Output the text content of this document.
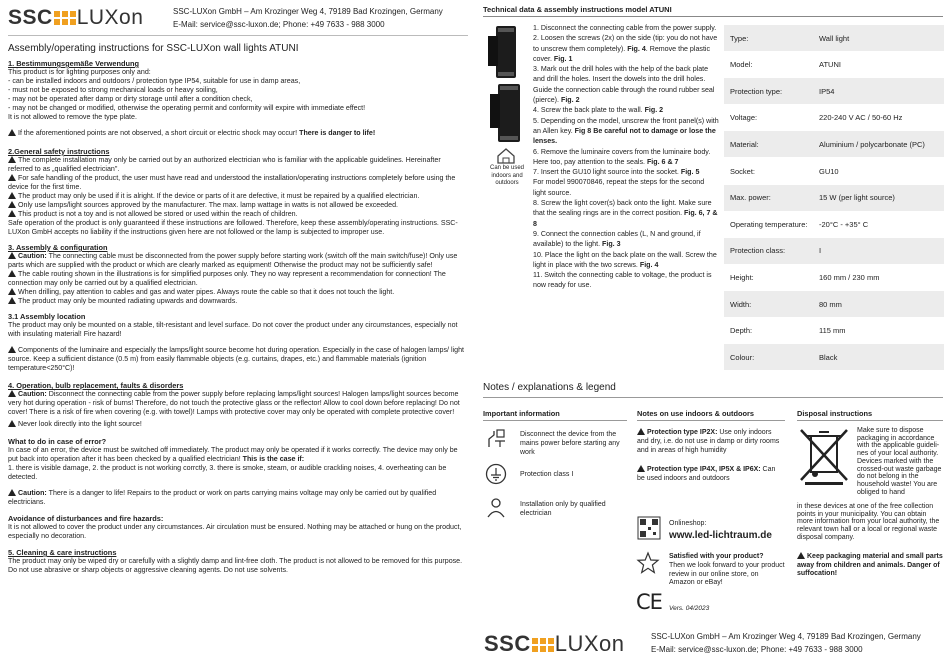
SSC LUXon	SSC-LUXon GmbH – Am Krozinger Weg 4, 79189 Bad Krozingen, Germany
E-Mail: service@ssc-luxon.de; Phone: +49 7633 - 988 3000
Assembly/operating instructions for SSC-LUXon wall lights ATUNI

1. Bestimmungsgemäße Verwendung

This product is for lighting purposes only and:

- can be installed indoors and outdoors / protection type IP54, suitable for use in damp areas,

- must not be exposed to strong mechanical loads or heavy soiling,

- may not be operated after damp or dirty storage until after a condition check,

- may not be changed or modified, otherwise the operating permit and conformity will expire with immediate effect!

It is not allowed to remove the type plate.

If the aforementioned points are not observed, a short circuit or electric shock may occur! There is danger to life!

2.General safety instructions

The complete installation may only be carried out by an authorized electrician who is familiar with the applicable guidelines. Hereinafter referred to as „qualified electrician".

For safe handling of the product, the user must have read and understood the installation/operating instructions completely before using the device for the first time.

The product may only be used if it is alright. If the device or parts of it are defective, it must be repaired by a qualified electrician.

Only use lamps/light sources approved by the manufacturer. The max. lamp wattage in watts is not allowed be exceeded.

This product is not a toy and is not allowed be stored or used within the reach of children.

Safe operation of the product is only guaranteed if these instructions are followed. Therefore, keep these assembly/operating instructions. SSC-LUXon GmbH accepts no liability if the instructions given here are not followed or the lamp is subjected to improper use.

3. Assembly & configuration

Caution: The connecting cable must be disconnected from the power supply before starting work (switch off the main switch/fuse)! Only use parts which are supplied with the product or which are clearly marked as equipment! Otherwise the product may not be sufficiently safe!

The cable routing shown in the illustrations is for simplified purposes only. They no way represent a recommendation for connection! The connection may only be carried out by a qualified electrician.

When drilling, pay attention to cables and gas and water pipes. Always route the cable so that it does not touch the light.

The product may only be mounted radiating upwards and downwards.

3.1 Assembly location

The product may only be mounted on a stable, tilt-resistant and level surface. Do not cover the product under any circumstances, especially not with insulating material! Fire hazard!

Components of the luminaire and especially the lamps/light source become hot during operation. Especially in the case of halogen lamps/ light source. Keep a sufficient distance (0.5 m) from easily flammable objects (e.g. curtains, drapes, etc.) and flammable materials (ignition temperature<250°C)!

4. Operation, bulb replacement, faults & disorders

Caution: Disconnect the connecting cable from the power supply before replacing lamps/light sources! Halogen lamps/light sources become very hot during operation - risk of burns! Therefore, do not touch the protective glass or the reflector! Allow to cool down before replacing! Do not cover! There is a risk of fire when covering (e.g. with towel)! Lamps with protective cover may only be operated with complete protective cover!

Never look directly into the light source!

What to do in case of error?

In case of an error, the device must be switched off immediately. The product may only be operated if it works correctly. The device may only be put back into operation after it has been checked by a qualified electrician! This is the case if:
1. there is visible damage, 2. the product is not working corrctly, 3. there is smoke, steam, or audible crackling noises, 4. overheating can be detected.

Caution: There is a danger to life! Repairs to the product or work on parts carrying mains voltage may only be carried out by qualified electricians.

Avoidance of disturbances and fire hazards:

It is not allowed to cover the product under any circumstances. Air circulation must be ensured. Nothing may be attached or hung on the product, especially no decoration.

5. Cleaning & care instructions

The product may only be wiped dry or carefully with a slightly damp and lint-free cloth. The product is not allowed to be removed for this purpose. Do not use abrasive or sharp objects or aggressive cleaning agents. Do not use solvents.

Technical data & assembly instructions model ATUNI
Can be used indoors and outdoors
1. Disconnect the connecting cable from the power supply.
2. Loosen the screws (2x) on the side (tip: you do not have to unscrew them completely). Fig. 4. Remove the plastic cover. Fig. 1
3. Mark out the drill holes with the help of the back plate and drill the holes. Insert the dowels into the drill holes. Guide the connection cable through the round rubber seal (pierce). Fig. 2
4. Screw the back plate to the wall. Fig. 2
5. Depending on the model, unscrew the front panel(s) with an Allen key. Fig 8 Be careful not to damage or lose the lenses.
6. Remove the luminaire covers from the luminaire body. Here too, pay attention to the seals. Fig. 6 & 7
7. Insert the GU10 light source into the socket. Fig. 5
For model 990070846, repeat the steps for the second light source.
8. Screw the light cover(s) back onto the light. Make sure that the sealing rings are in the correct position. Fig. 6, 7 & 8
9. Connect the connection cables (L, N and ground, if available) to the light. Fig. 3
10. Place the light on the back plate on the wall. Screw the light in place with the two screws. Fig. 4
11. Switch the connecting cable to voltage, the product is now ready for use.
Type:	Wall light
Model:	ATUNI
Protection type:	IP54
Voltage:	220-240 V AC / 50-60 Hz
Material:	Aluminium / polycarbonate (PC)
Socket:	GU10
Max. power:	15 W (per light source)
Operating temperature:	-20°C - +35° C
Protection class:	I
Height:	160 mm / 230 mm
Width:	80 mm
Depth:	115 mm
Colour:	Black
Notes / explanations & legend
Important information	Notes on use indoors & outdoors	Disposal instructions
Disconnect the device from the mains power before starting any work
Protection class I
Installation only by qualified electrician
Protection type IP2X: Use only indoors and dry, i.e. do not use in damp or dirty rooms and in areas of high humidity
Protection type IP4X, IP5X & IP6X: Can be used indoors and outdoors
Onlineshop:
www.led-lichtraum.de
Satisfied with your product?
Then we look forward to your product review in our online store, on Amazon or eBay!
CE Vers. 04/2023
Make sure to dispose packaging in accordance with the applicable guideli-nes of your local authority. Devices marked with the crossed-out waste garbage do not belong in the household waste! You are obliged to hand
in these devices at one of the free collection points in your municipality. You can obtain more information from your local authority, the relevant town hall or a local or regional waste disposal company.
Keep packaging material and small parts away from children and animals. Danger of suffocation!
SSC LUXon	SSC-LUXon GmbH – Am Krozinger Weg 4, 79189 Bad Krozingen, Germany
E-Mail: service@ssc-luxon.de; Phone: +49 7633 - 988 3000
